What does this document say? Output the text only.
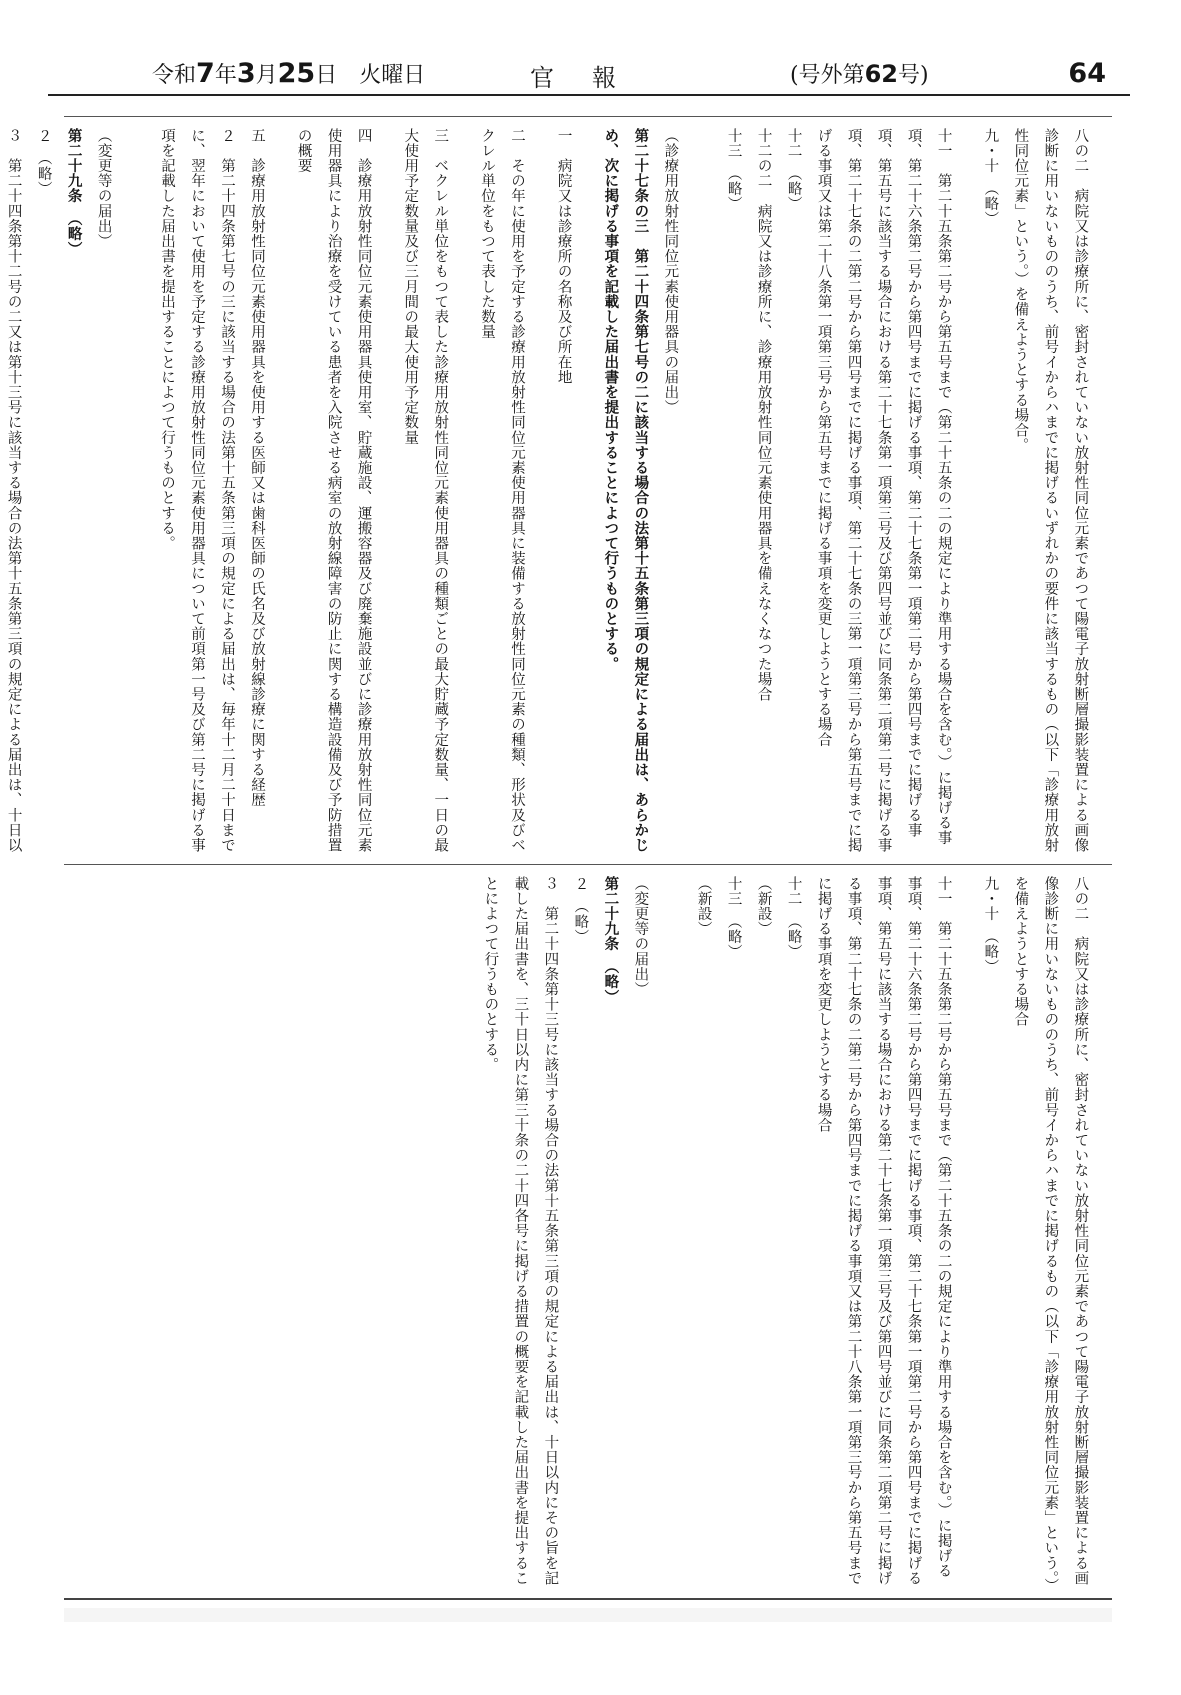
令和7年3月25日　 火曜日	官報	(号外第62号)	64

八の二　病院又は診療所に、密封されていない放射性同位元素であつて陽電子放射断層撮影装置による画像診断に用いないもののうち、前号イからハまでに掲げるいずれかの要件に該当するもの（以下「診療用放射性同位元素」という。）を備えようとする場合。

九・十　（略）

十一　第二十五条第二号から第五号まで（第二十五条の二の規定により準用する場合を含む。）に掲げる事項、第二十六条第二号から第四号までに掲げる事項、第二十七条第一項第二号から第四号までに掲げる事項、第五号に該当する場合における第二十七条第一項第三号及び第四号並びに同条第二項第二号に掲げる事項、第二十七条の二第二号から第四号までに掲げる事項、第二十七条の三第一項第三号から第五号までに掲げる事項又は第二十八条第一項第三号から第五号までに掲げる事項を変更しようとする場合

十二　（略）

十二の二　病院又は診療所に、診療用放射性同位元素使用器具を備えなくなつた場合

十三　（略）

（診療用放射性同位元素使用器具の届出）

第二十七条の三　第二十四条第七号の二に該当する場合の法第十五条第三項の規定による届出は、あらかじめ、次に掲げる事項を記載した届出書を提出することによつて行うものとする。

一　病院又は診療所の名称及び所在地

二　その年に使用を予定する診療用放射性同位元素使用器具に装備する放射性同位元素の種類、形状及びベクレル単位をもつて表した数量

三　ベクレル単位をもつて表した診療用放射性同位元素使用器具の種類ごとの最大貯蔵予定数量、一日の最大使用予定数量及び三月間の最大使用予定数量

四　診療用放射性同位元素使用器具使用室、貯蔵施設、運搬容器及び廃棄施設並びに診療用放射性同位元素使用器具により治療を受けている患者を入院させる病室の放射線障害の防止に関する構造設備及び予防措置の概要

五　診療用放射性同位元素使用器具を使用する医師又は歯科医師の氏名及び放射線診療に関する経歴

２　第二十四条第七号の三に該当する場合の法第十五条第三項の規定による届出は、毎年十二月二十日までに、翌年において使用を予定する診療用放射性同位元素使用器具について前項第一号及び第二号に掲げる事項を記載した届出書を提出することによつて行うものとする。

（変更等の届出）

第二十九条　（略）

２　（略）

３　第二十四条第十二号の二又は第十三号に該当する場合の法第十五条第三項の規定による届出は、十日以

八の二　病院又は診療所に、密封されていない放射性同位元素であつて陽電子放射断層撮影装置による画像診断に用いないもののうち、前号イからハまでに掲げるもの（以下「診療用放射性同位元素」という。）を備えようとする場合

九・十　（略）

十一　第二十五条第二号から第五号まで（第二十五条の二の規定により準用する場合を含む。）に掲げる事項、第二十六条第二号から第四号までに掲げる事項、第二十七条第一項第二号から第四号までに掲げる事項、第五号に該当する場合における第二十七条第一項第三号及び第四号並びに同条第二項第二号に掲げる事項、第二十七条の二第二号から第四号までに掲げる事項又は第二十八条第一項第三号から第五号までに掲げる事項を変更しようとする場合

十二　（略）

（新設）

十三　（略）

（新設）

（変更等の届出）

第二十九条　（略）

２　（略）

３　第二十四条第十三号に該当する場合の法第十五条第三項の規定による届出は、十日以内にその旨を記載した届出書を、三十日以内に第三十条の二十四各号に掲げる措置の概要を記載した届出書を提出することによつて行うものとする。
